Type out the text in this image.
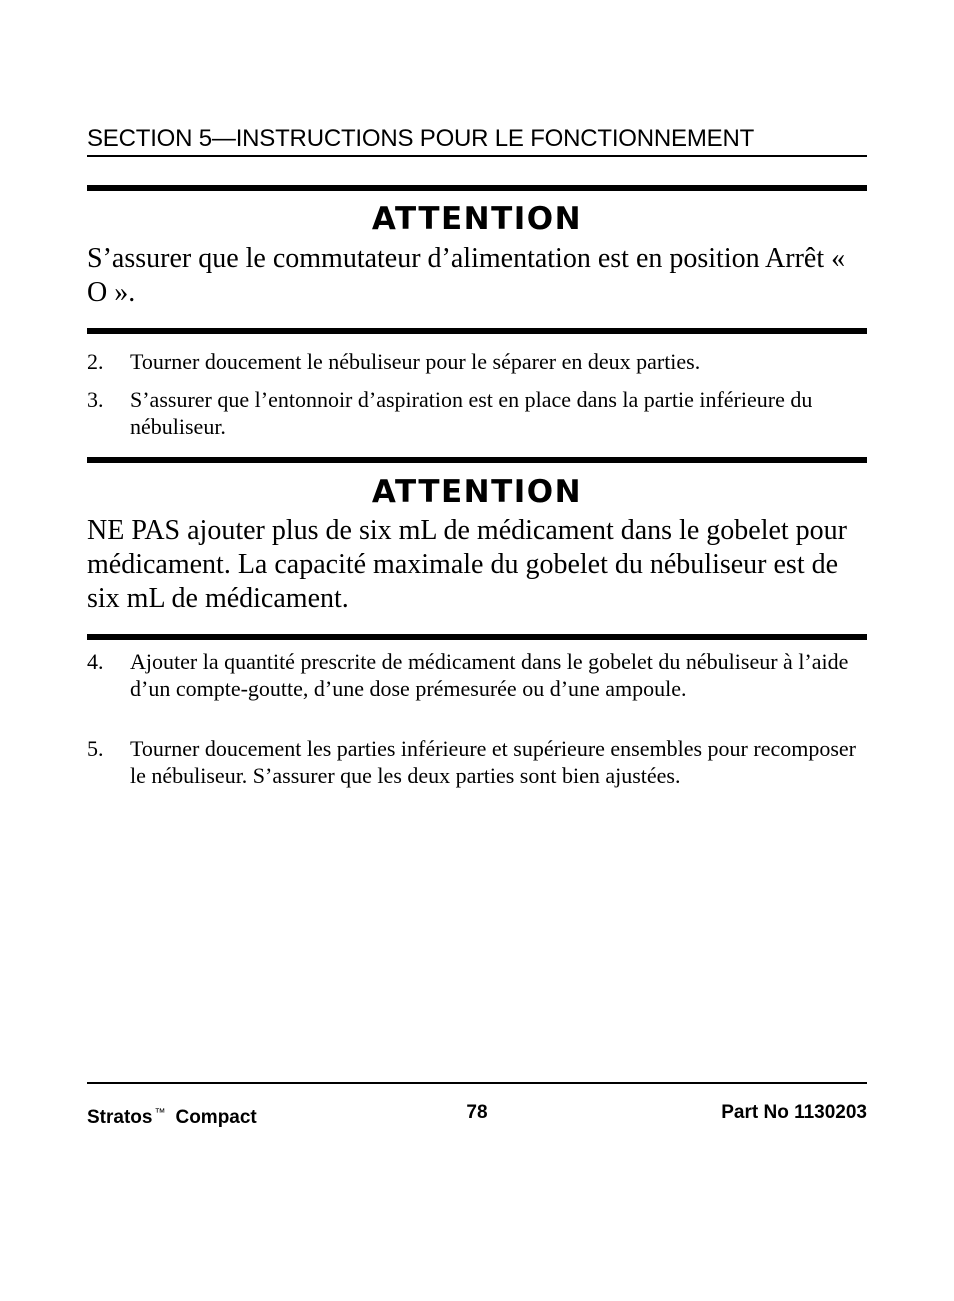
SECTION 5—INSTRUCTIONS POUR LE FONCTIONNEMENT
ATTENTION
S’assurer que le commutateur d’alimentation est en position Arrêt « O ».
2.	Tourner doucement le nébuliseur pour le séparer en deux parties.
3.	S’assurer que l’entonnoir d’aspiration est en place dans la partie inférieure du nébuliseur.
ATTENTION
NE PAS ajouter plus de six mL de médicament dans le gobelet pour médicament. La capacité maximale du gobelet du nébuliseur est de six mL de médicament.
4.	Ajouter la quantité prescrite de médicament dans le gobelet du nébuliseur à l’aide d’un compte-goutte, d’une dose prémesurée ou d’une ampoule.
5.	Tourner doucement les parties inférieure et supérieure ensembles pour recomposer le nébuliseur. S’assurer que les deux parties sont bien ajustées.
Stratos ™ Compact	78	Part No 1130203
